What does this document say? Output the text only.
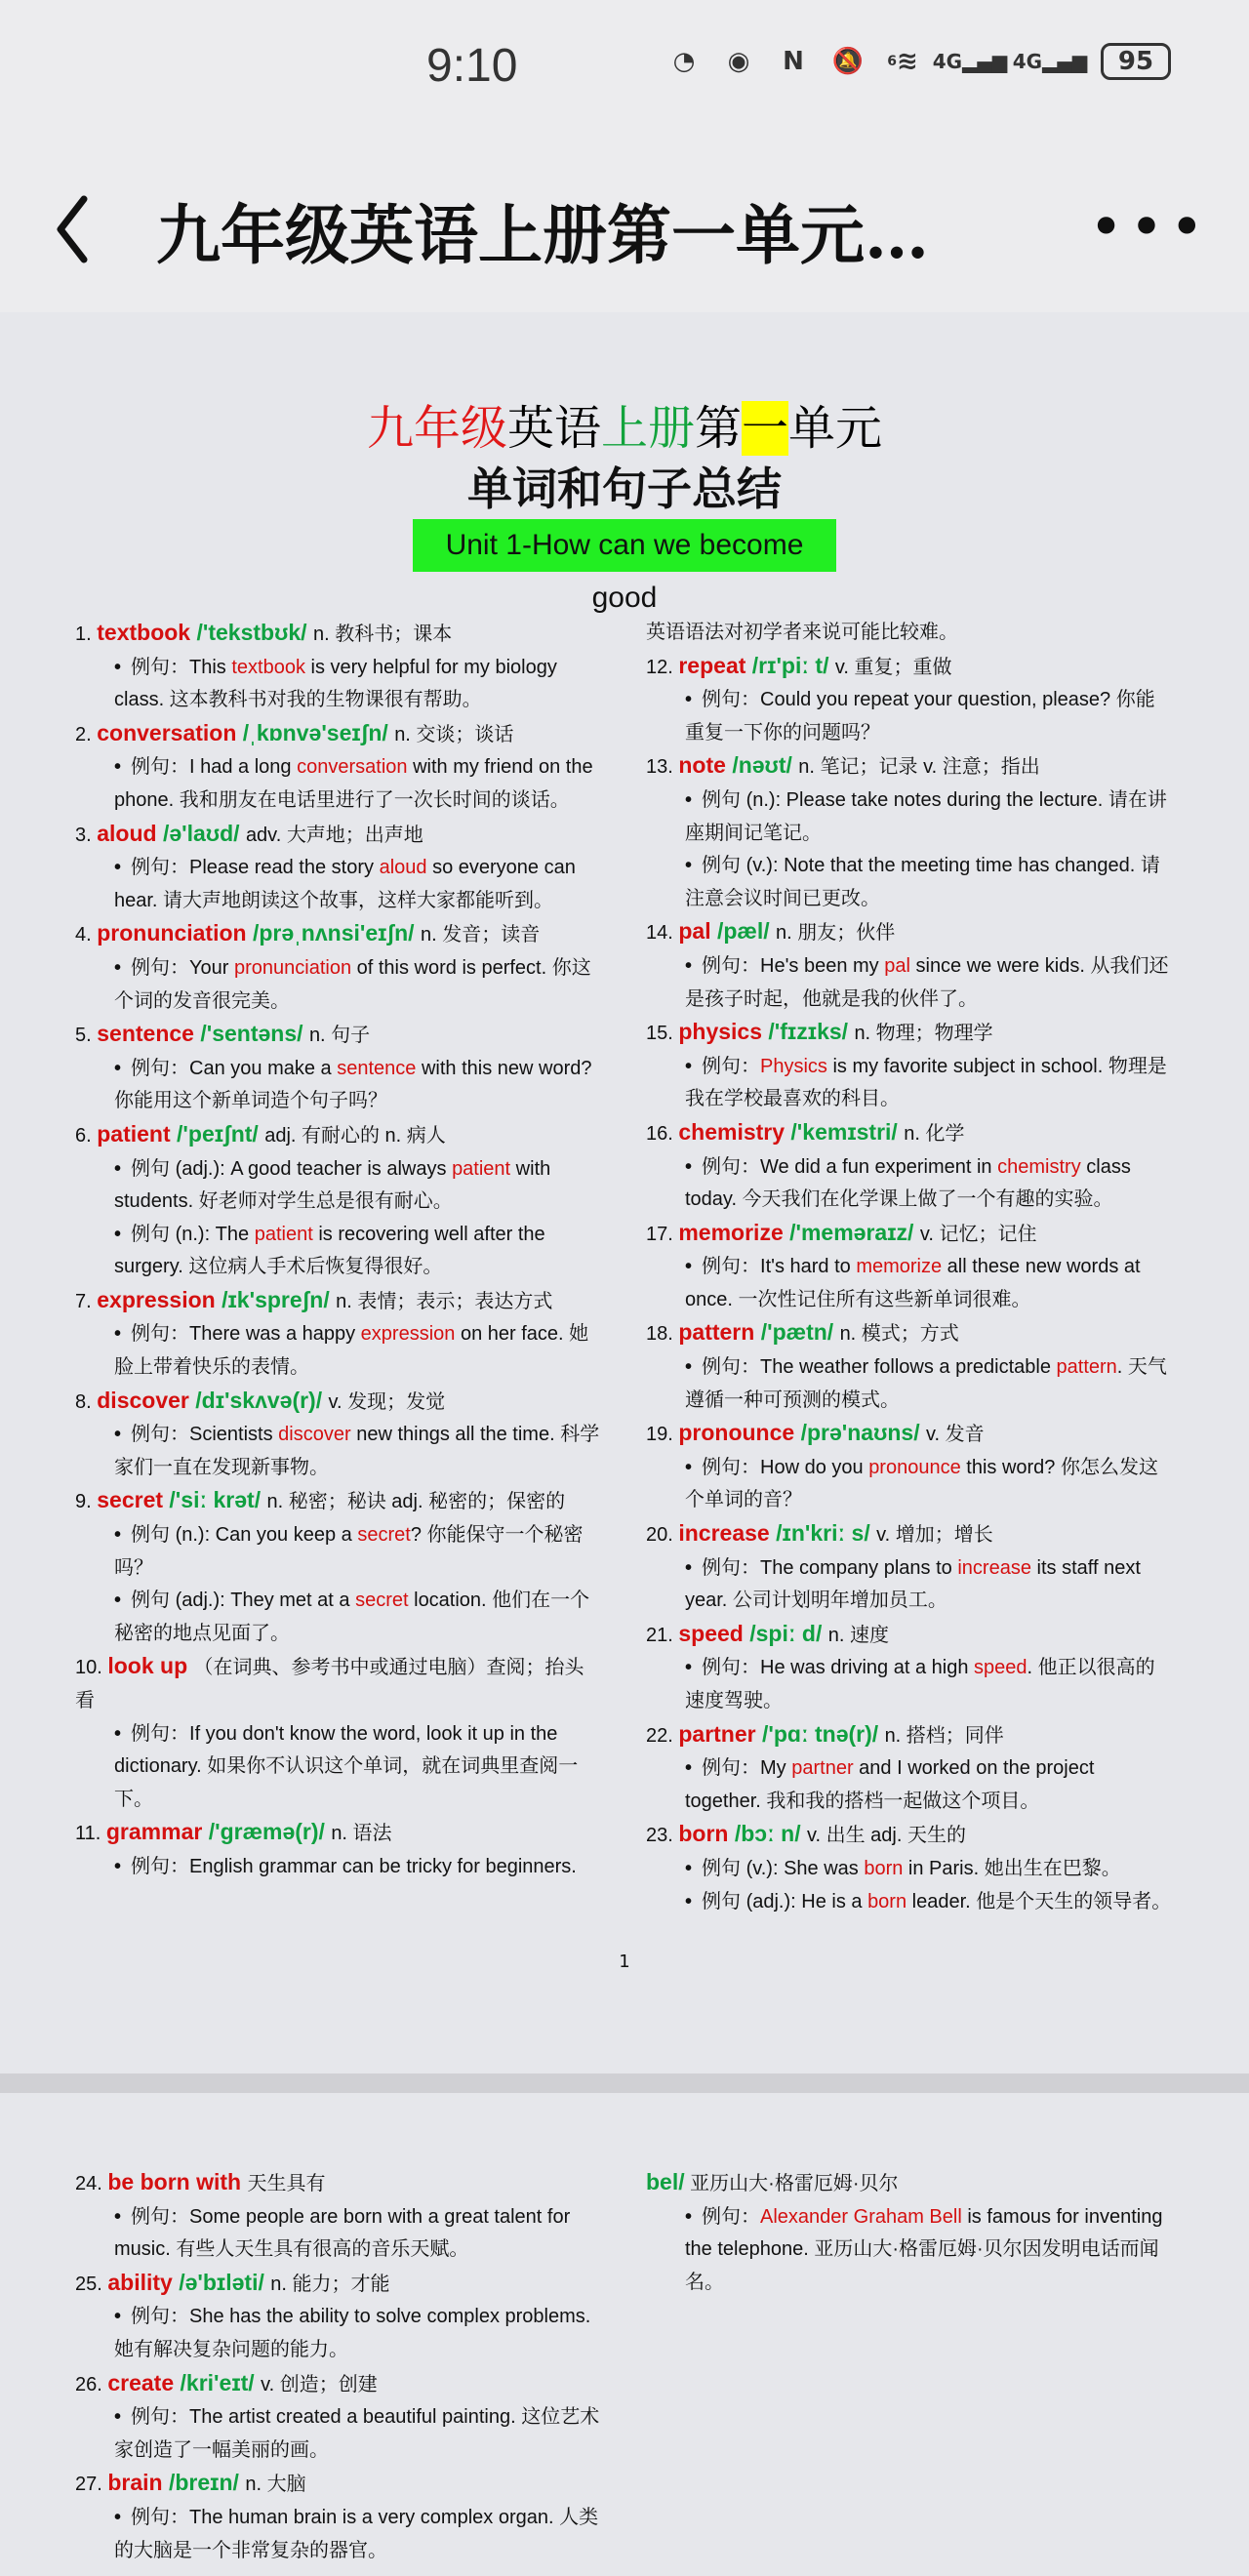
9:10	◔ ◉ N 🔕 6 ≋ 4G ▂▄▆ 4G ▂▄▆	95
九年级英语上册第一单元…	•••
九年级英语上册第一单元
单词和句子总结
Unit 1-How can we become good

1. textbook /'tekstbʊk/ n. 教科书；课本

• 例句：This textbook is very helpful for my biology class. 这本教科书对我的生物课很有帮助。

2. conversation /ˌkɒnvə'seɪʃn/ n. 交谈；谈话

• 例句：I had a long conversation with my friend on the phone. 我和朋友在电话里进行了一次长时间的谈话。

3. aloud /ə'laʊd/ adv. 大声地；出声地

• 例句：Please read the story aloud so everyone can hear. 请大声地朗读这个故事，这样大家都能听到。

4. pronunciation /prəˌnʌnsi'eɪʃn/ n. 发音；读音

• 例句：Your pronunciation of this word is perfect. 你这个词的发音很完美。

5. sentence /'sentəns/ n. 句子

• 例句：Can you make a sentence with this new word? 你能用这个新单词造个句子吗？

6. patient /'peɪʃnt/ adj. 有耐心的 n. 病人

• 例句 (adj.): A good teacher is always patient with students. 好老师对学生总是很有耐心。

• 例句 (n.): The patient is recovering well after the surgery. 这位病人手术后恢复得很好。

7. expression /ɪk'spreʃn/ n. 表情；表示；表达方式

• 例句：There was a happy expression on her face. 她脸上带着快乐的表情。

8. discover /dɪ'skʌvə(r)/ v. 发现；发觉

• 例句：Scientists discover new things all the time. 科学家们一直在发现新事物。

9. secret /'siː krət/ n. 秘密；秘诀 adj. 秘密的；保密的

• 例句 (n.): Can you keep a secret? 你能保守一个秘密吗？

• 例句 (adj.): They met at a secret location. 他们在一个秘密的地点见面了。

10. look up （在词典、参考书中或通过电脑）查阅；抬头看

• 例句：If you don't know the word, look it up in the dictionary. 如果你不认识这个单词，就在词典里查阅一下。

11. grammar /'ɡræmə(r)/ n. 语法

• 例句：English grammar can be tricky for beginners.

英语语法对初学者来说可能比较难。

12. repeat /rɪ'piː t/ v. 重复；重做

• 例句：Could you repeat your question, please? 你能重复一下你的问题吗？

13. note /nəʊt/ n. 笔记；记录 v. 注意；指出

• 例句 (n.): Please take notes during the lecture. 请在讲座期间记笔记。

• 例句 (v.): Note that the meeting time has changed. 请注意会议时间已更改。

14. pal /pæl/ n. 朋友；伙伴

• 例句：He's been my pal since we were kids. 从我们还是孩子时起，他就是我的伙伴了。

15. physics /'fɪzɪks/ n. 物理；物理学

• 例句：Physics is my favorite subject in school. 物理是我在学校最喜欢的科目。

16. chemistry /'kemɪstri/ n. 化学

• 例句：We did a fun experiment in chemistry class today. 今天我们在化学课上做了一个有趣的实验。

17. memorize /'meməraɪz/ v. 记忆；记住

• 例句：It's hard to memorize all these new words at once. 一次性记住所有这些新单词很难。

18. pattern /'pætn/ n. 模式；方式

• 例句：The weather follows a predictable pattern. 天气遵循一种可预测的模式。

19. pronounce /prə'naʊns/ v. 发音

• 例句：How do you pronounce this word? 你怎么发这个单词的音？

20. increase /ɪn'kriː s/ v. 增加；增长

• 例句：The company plans to increase its staff next year. 公司计划明年增加员工。

21. speed /spiː d/ n. 速度

• 例句：He was driving at a high speed. 他正以很高的速度驾驶。

22. partner /'pɑː tnə(r)/ n. 搭档；同伴

• 例句：My partner and I worked on the project together. 我和我的搭档一起做这个项目。

23. born /bɔː n/ v. 出生 adj. 天生的

• 例句 (v.): She was born in Paris. 她出生在巴黎。

• 例句 (adj.): He is a born leader. 他是个天生的领导者。

1

24. be born with 天生具有

• 例句：Some people are born with a great talent for music. 有些人天生具有很高的音乐天赋。

25. ability /ə'bɪləti/ n. 能力；才能

• 例句：She has the ability to solve complex problems. 她有解决复杂问题的能力。

26. create /kri'eɪt/ v. 创造；创建

• 例句：The artist created a beautiful painting. 这位艺术家创造了一幅美丽的画。

27. brain /breɪn/ n. 大脑

• 例句：The human brain is a very complex organ. 人类的大脑是一个非常复杂的器官。

bel/ 亚历山大·格雷厄姆·贝尔

• 例句：Alexander Graham Bell is famous for inventing the telephone. 亚历山大·格雷厄姆·贝尔因发明电话而闻名。
